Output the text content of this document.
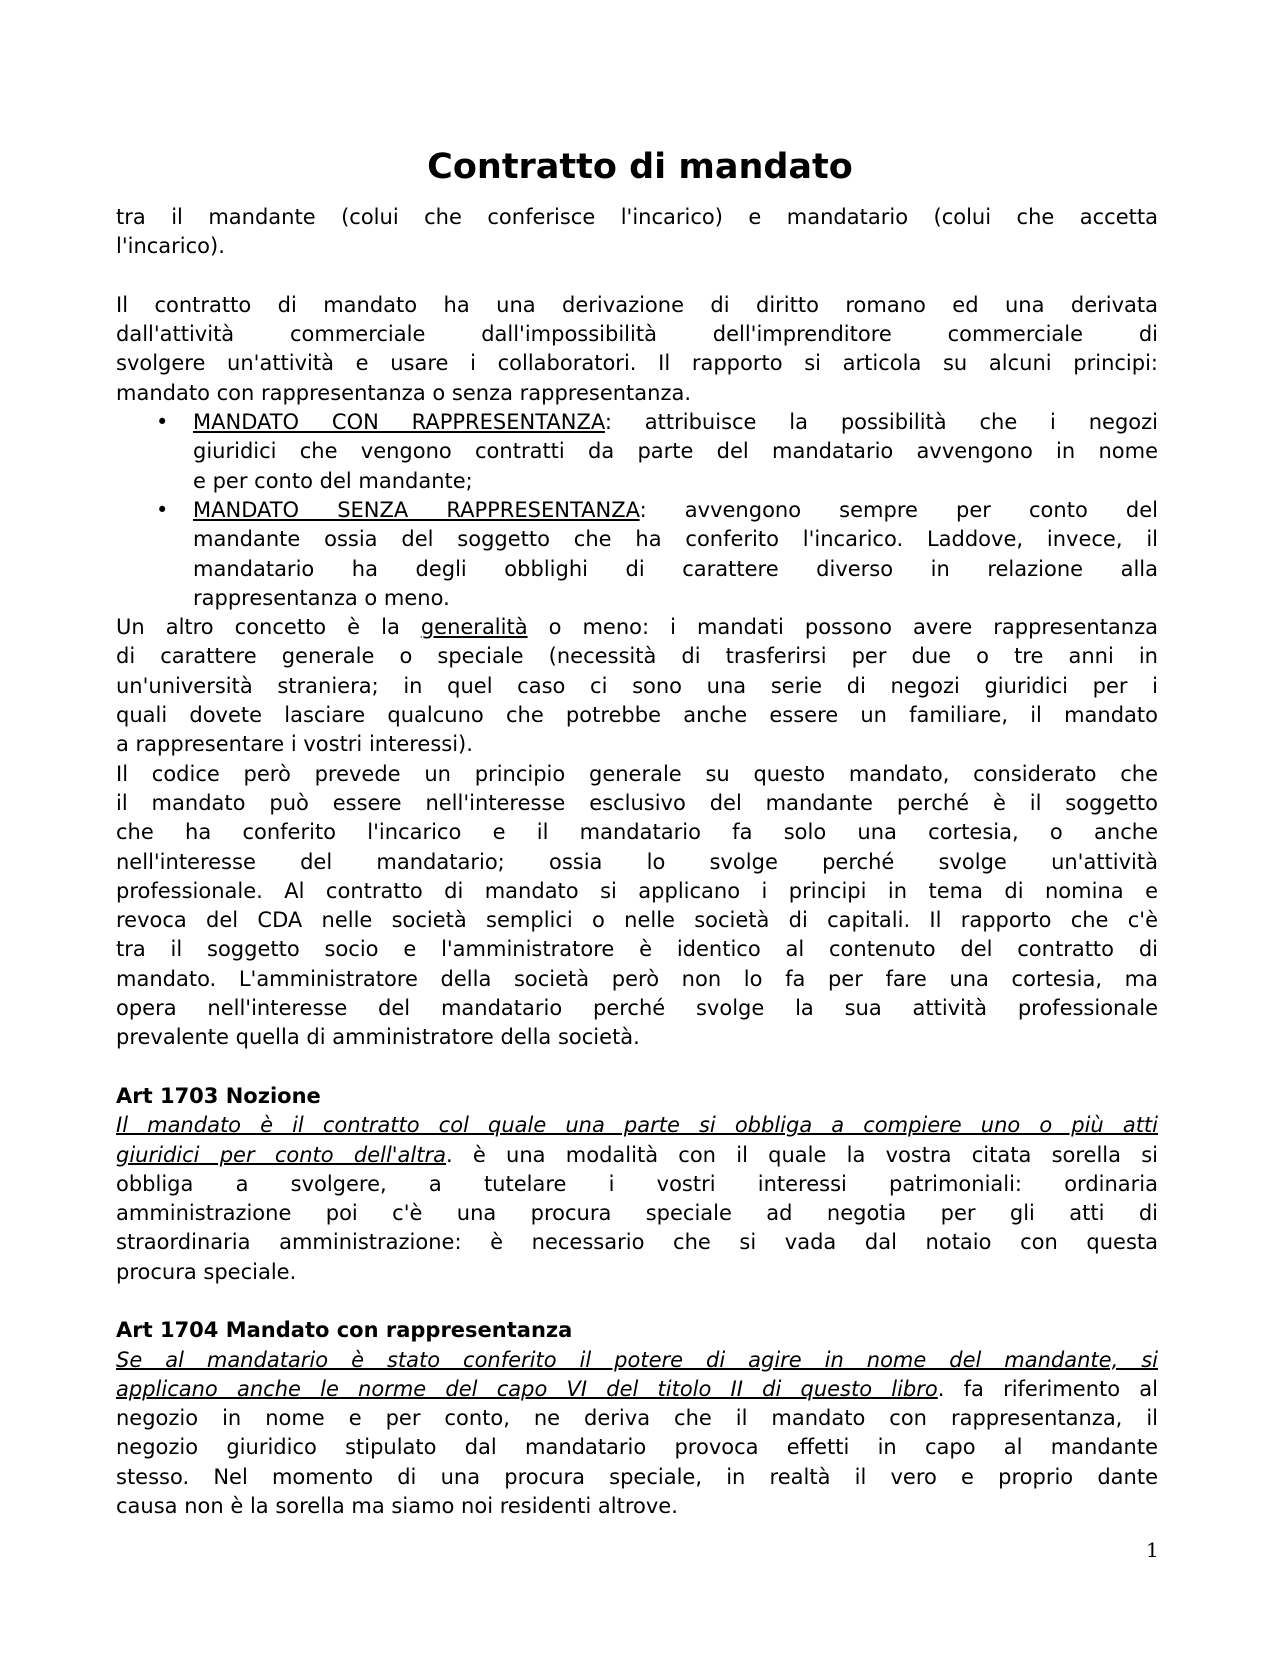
Contratto di mandato
tra il mandante (colui che conferisce l'incarico) e mandatario (colui che accetta
l'incarico).
Il contratto di mandato ha una derivazione di diritto romano ed una derivata
dall'attività commerciale dall'impossibilità dell'imprenditore commerciale di
svolgere un'attività e usare i collaboratori. Il rapporto si articola su alcuni principi:
mandato con rappresentanza o senza rappresentanza.
• MANDATO CON RAPPRESENTANZA: attribuisce la possibilità che i negozi
giuridici che vengono contratti da parte del mandatario avvengono in nome
e per conto del mandante;
• MANDATO SENZA RAPPRESENTANZA: avvengono sempre per conto del
mandante ossia del soggetto che ha conferito l'incarico. Laddove, invece, il
mandatario ha degli obblighi di carattere diverso in relazione alla
rappresentanza o meno.
Un altro concetto è la generalità o meno: i mandati possono avere rappresentanza
di carattere generale o speciale (necessità di trasferirsi per due o tre anni in
un'università straniera; in quel caso ci sono una serie di negozi giuridici per i
quali dovete lasciare qualcuno che potrebbe anche essere un familiare, il mandato
a rappresentare i vostri interessi).
Il codice però prevede un principio generale su questo mandato, considerato che
il mandato può essere nell'interesse esclusivo del mandante perché è il soggetto
che ha conferito l'incarico e il mandatario fa solo una cortesia, o anche
nell'interesse del mandatario; ossia lo svolge perché svolge un'attività
professionale. Al contratto di mandato si applicano i principi in tema di nomina e
revoca del CDA nelle società semplici o nelle società di capitali. Il rapporto che c'è
tra il soggetto socio e l'amministratore è identico al contenuto del contratto di
mandato. L'amministratore della società però non lo fa per fare una cortesia, ma
opera nell'interesse del mandatario perché svolge la sua attività professionale
prevalente quella di amministratore della società.
Art 1703 Nozione
Il mandato è il contratto col quale una parte si obbliga a compiere uno o più atti
giuridici per conto dell'altra. è una modalità con il quale la vostra citata sorella si
obbliga a svolgere, a tutelare i vostri interessi patrimoniali: ordinaria
amministrazione poi c'è una procura speciale ad negotia per gli atti di
straordinaria amministrazione: è necessario che si vada dal notaio con questa
procura speciale.
Art 1704 Mandato con rappresentanza
Se al mandatario è stato conferito il potere di agire in nome del mandante, si
applicano anche le norme del capo VI del titolo II di questo libro. fa riferimento al
negozio in nome e per conto, ne deriva che il mandato con rappresentanza, il
negozio giuridico stipulato dal mandatario provoca effetti in capo al mandante
stesso. Nel momento di una procura speciale, in realtà il vero e proprio dante
causa non è la sorella ma siamo noi residenti altrove.
1
